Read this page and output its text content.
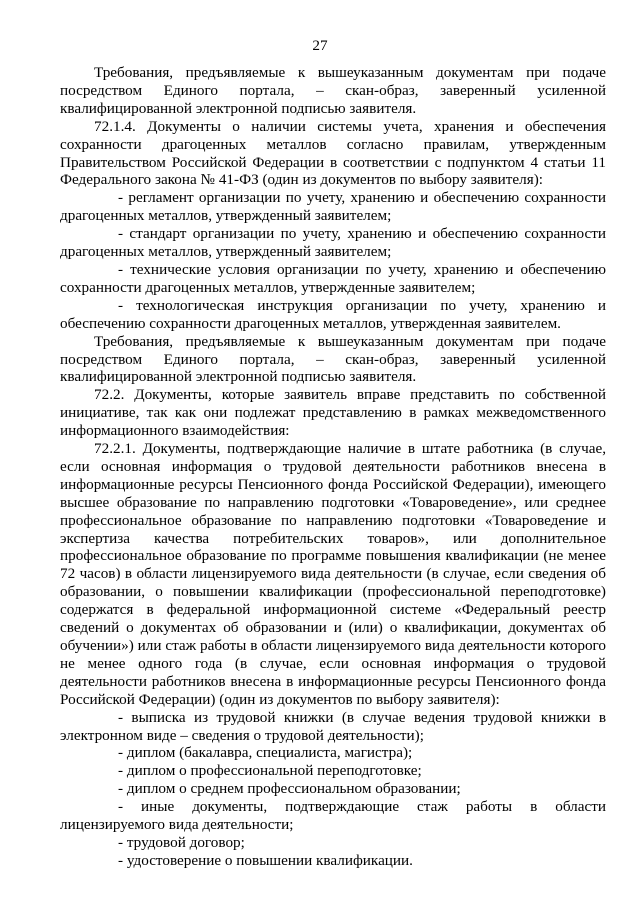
27

Требования, предъявляемые к вышеуказанным документам при подаче посредством Единого портала, – скан-образ, заверенный усиленной квалифицированной электронной подписью заявителя.

72.1.4. Документы о наличии системы учета, хранения и обеспечения сохранности драгоценных металлов согласно правилам, утвержденным Правительством Российской Федерации в соответствии с подпунктом 4 статьи 11 Федерального закона № 41-ФЗ (один из документов по выбору заявителя):

- регламент организации по учету, хранению и обеспечению сохранности драгоценных металлов, утвержденный заявителем;

- стандарт организации по учету, хранению и обеспечению сохранности драгоценных металлов, утвержденный заявителем;

- технические условия организации по учету, хранению и обеспечению сохранности драгоценных металлов, утвержденные заявителем;

- технологическая инструкция организации по учету, хранению и обеспечению сохранности драгоценных металлов, утвержденная заявителем.

Требования, предъявляемые к вышеуказанным документам при подаче посредством Единого портала, – скан-образ, заверенный усиленной квалифицированной электронной подписью заявителя.

72.2. Документы, которые заявитель вправе представить по собственной инициативе, так как они подлежат представлению в рамках межведомственного информационного взаимодействия:

72.2.1. Документы, подтверждающие наличие в штате работника (в случае, если основная информация о трудовой деятельности работников внесена в информационные ресурсы Пенсионного фонда Российской Федерации), имеющего высшее образование по направлению подготовки «Товароведение», или среднее профессиональное образование по направлению подготовки «Товароведение и экспертиза качества потребительских товаров», или дополнительное профессиональное образование по программе повышения квалификации (не менее 72 часов) в области лицензируемого вида деятельности (в случае, если сведения об образовании, о повышении квалификации (профессиональной переподготовке) содержатся в федеральной информационной системе «Федеральный реестр сведений о документах об образовании и (или) о квалификации, документах об обучении») или стаж работы в области лицензируемого вида деятельности которого не менее одного года (в случае, если основная информация о трудовой деятельности работников внесена в информационные ресурсы Пенсионного фонда Российской Федерации) (один из документов по выбору заявителя):

- выписка из трудовой книжки (в случае ведения трудовой книжки в электронном виде – сведения о трудовой деятельности);

- диплом (бакалавра, специалиста, магистра);

- диплом о профессиональной переподготовке;

- диплом о среднем профессиональном образовании;

- иные документы, подтверждающие стаж работы в области лицензируемого вида деятельности;

- трудовой договор;

- удостоверение о повышении квалификации.
